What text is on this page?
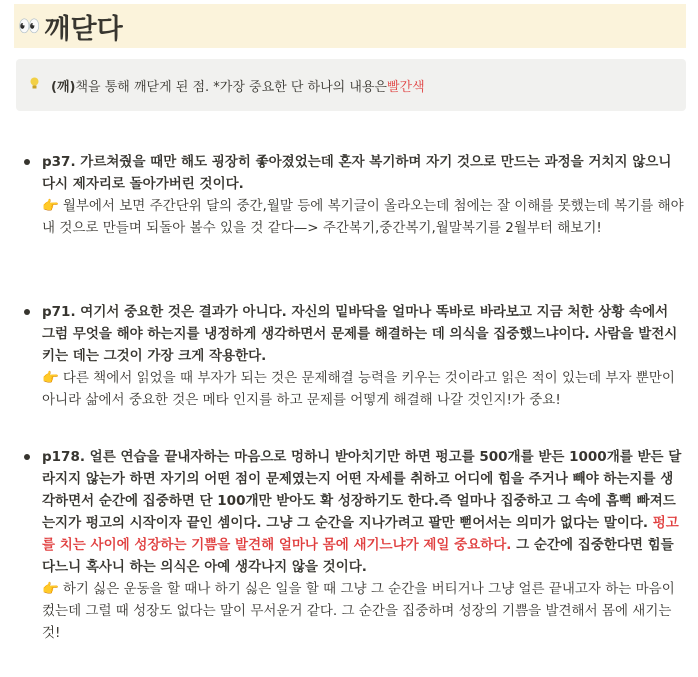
👀 깨닫다
(깨) 책을 통해 깨닫게 된 점. *가장 중요한 단 하나의 내용은 빨간색
p37. 가르쳐줬을 때만 해도 굉장히 좋아졌었는데 혼자 복기하며 자기 것으로 만드는 과정을 거치지 않으니 다시 제자리로 돌아가버린 것이다.
👉 월부에서 보면 주간단위 달의 중간,월말 등에 복기글이 올라오는데 첨에는 잘 이해를 못했는데 복기를 해야 내 것으로 만들며 되돌아 볼수 있을 것 같다—> 주간복기,중간복기,월말복기를 2월부터 해보기!
p71. 여기서 중요한 것은 결과가 아니다. 자신의 밑바닥을 얼마나 똑바로 바라보고 지금 처한 상황 속에서 그럼 무엇을 해야 하는지를 냉정하게 생각하면서 문제를 해결하는 데 의식을 집중했느냐이다. 사람을 발전시키는 데는 그것이 가장 크게 작용한다.
👉 다른 책에서 읽었을 때 부자가 되는 것은 문제해결 능력을 키우는 것이라고 읽은 적이 있는데 부자 뿐만이 아니라 삶에서 중요한 것은 메타 인지를 하고 문제를 어떻게 해결해 나갈 것인지!가 중요!
p178. 얼른 연습을 끝내자하는 마음으로 멍하니 받아치기만 하면 펑고를 500개를 받든 1000개를 받든 달라지지 않는가 하면 자기의 어떤 점이 문제였는지 어떤 자세를 취하고 어디에 힘을 주거나 빼야 하는지를 생각하면서 순간에 집중하면 단 100개만 받아도 확 성장하기도 한다.즉 얼마나 집중하고 그 속에 흠뻑 빠져드는지가 펑고의 시작이자 끝인 셈이다. 그냥 그 순간을 지나가려고 팔만 뻗어서는 의미가 없다는 말이다. 펑고를 치는 사이에 성장하는 기쁨을 발견해 얼마나 몸에 새기느냐가 제일 중요하다. 그 순간에 집중한다면 힘들다느니 혹사니 하는 의식은 아예 생각나지 않을 것이다.
👉 하기 싫은 운동을 할 때나 하기 싫은 일을 할 때 그냥 그 순간을 버티거나 그냥 얼른 끝내고자 하는 마음이 컸는데 그럴 때 성장도 없다는 말이 무서운거 같다. 그 순간을 집중하며 성장의 기쁨을 발견해서 몸에 새기는 것!
